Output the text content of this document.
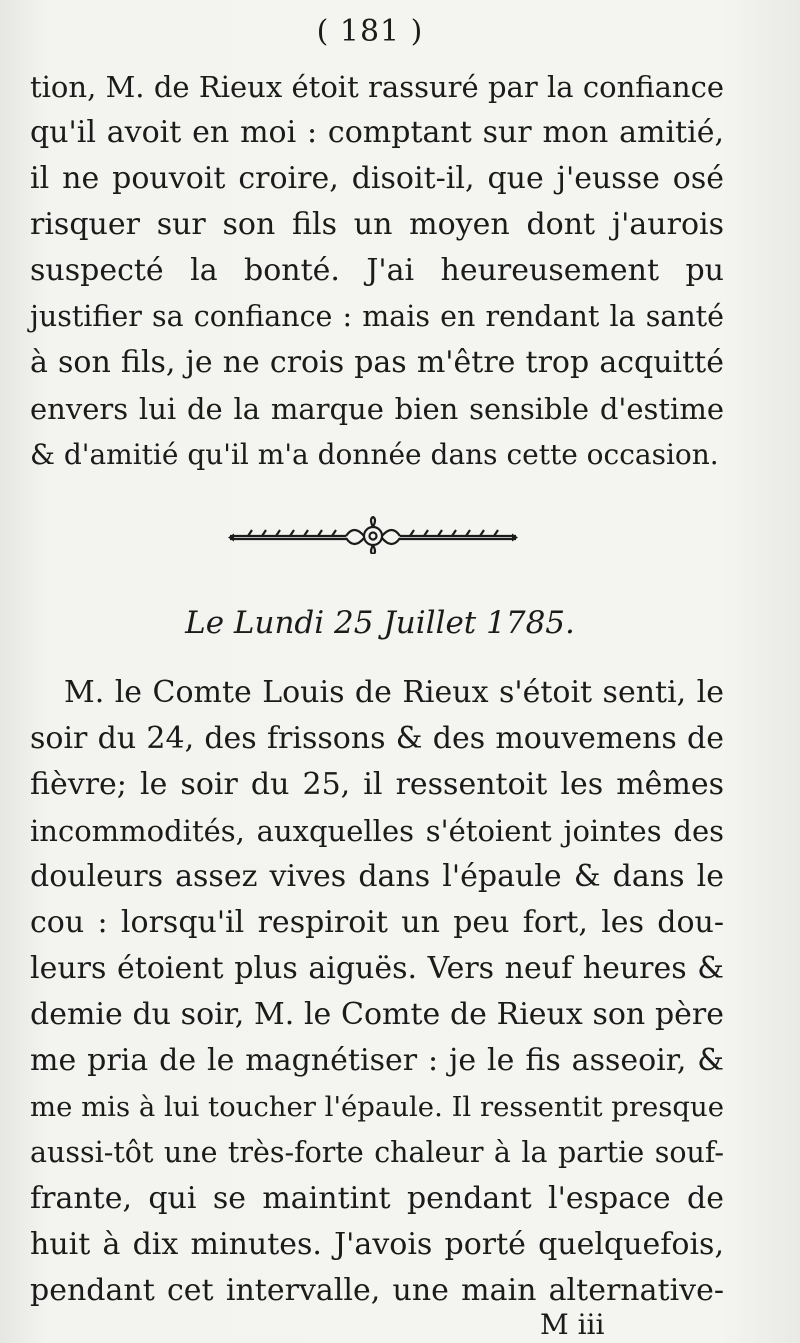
( 181 )
tion, M. de Rieux étoit rassuré par la confiance
qu'il avoit en moi : comptant sur mon amitié,
il ne pouvoit croire, disoit-il, que j'eusse osé
risquer sur son fils un moyen dont j'aurois
suspecté la bonté. J'ai heureusement pu
justifier sa confiance : mais en rendant la santé
à son fils, je ne crois pas m'être trop acquitté
envers lui de la marque bien sensible d'estime
& d'amitié qu'il m'a donnée dans cette occasion.
Le Lundi 25 Juillet 1785.
M. le Comte Louis de Rieux s'étoit senti, le
soir du 24, des frissons & des mouvemens de
fièvre; le soir du 25, il ressentoit les mêmes
incommodités, auxquelles s'étoient jointes des
douleurs assez vives dans l'épaule & dans le
cou : lorsqu'il respiroit un peu fort, les dou-
leurs étoient plus aiguës. Vers neuf heures &
demie du soir, M. le Comte de Rieux son père
me pria de le magnétiser : je le fis asseoir, &
me mis à lui toucher l'épaule. Il ressentit presque
aussi-tôt une très-forte chaleur à la partie souf-
frante, qui se maintint pendant l'espace de
huit à dix minutes. J'avois porté quelquefois,
pendant cet intervalle, une main alternative-
M iii
